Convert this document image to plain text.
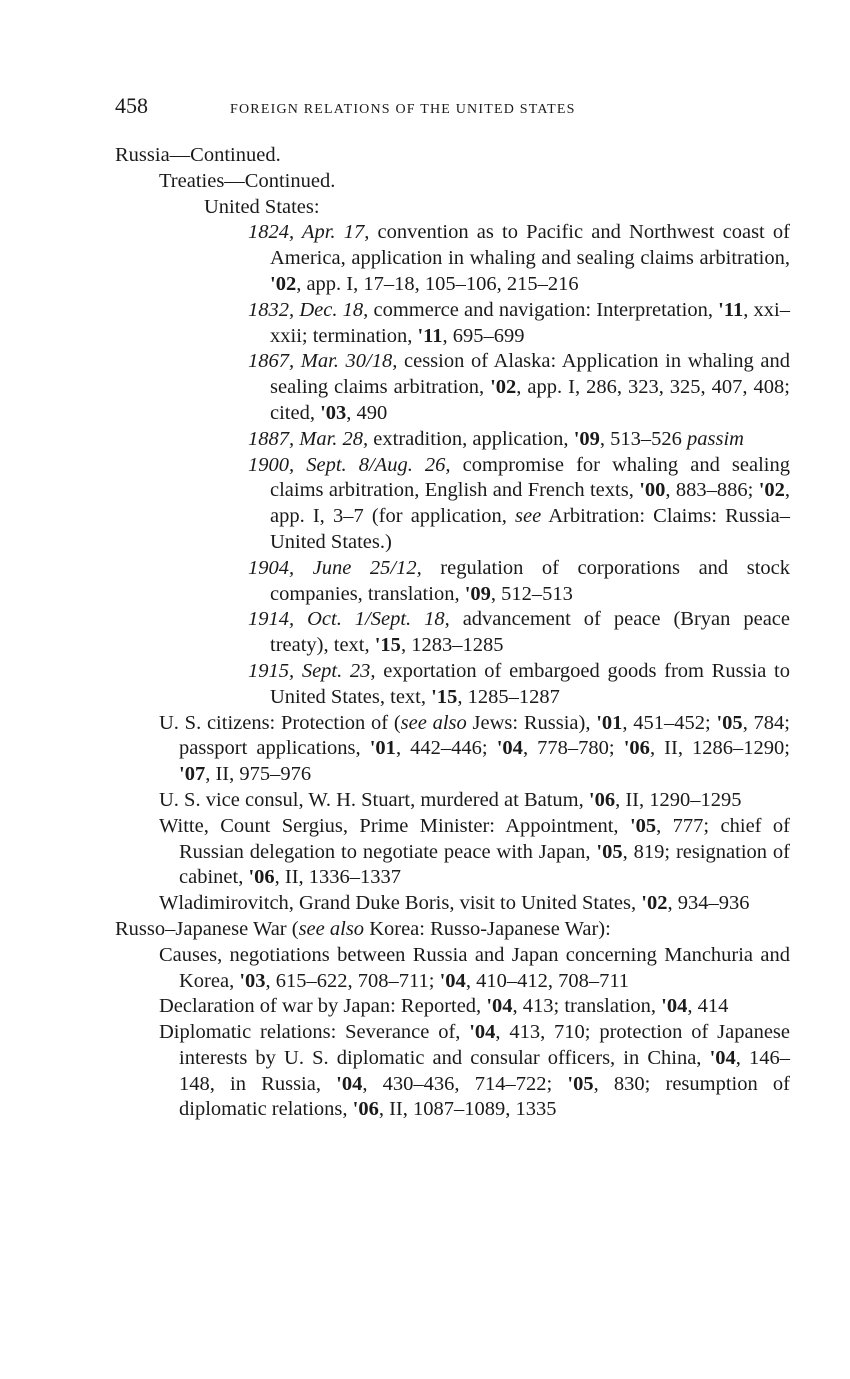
458	FOREIGN RELATIONS OF THE UNITED STATES

Russia—Continued.

Treaties—Continued.

United States:

1824, Apr. 17, convention as to Pacific and Northwest coast of America, application in whaling and sealing claims arbitration, '02, app. I, 17–18, 105–106, 215–216

1832, Dec. 18, commerce and navigation: Interpretation, '11, xxi–xxii; termination, '11, 695–699

1867, Mar. 30/18, cession of Alaska: Application in whaling and sealing claims arbitration, '02, app. I, 286, 323, 325, 407, 408; cited, '03, 490

1887, Mar. 28, extradition, application, '09, 513–526 passim

1900, Sept. 8/Aug. 26, compromise for whaling and sealing claims arbitration, English and French texts, '00, 883–886; '02, app. I, 3–7 (for application, see Arbitration: Claims: Russia–United States.)

1904, June 25/12, regulation of corporations and stock companies, translation, '09, 512–513

1914, Oct. 1/Sept. 18, advancement of peace (Bryan peace treaty), text, '15, 1283–1285

1915, Sept. 23, exportation of embargoed goods from Russia to United States, text, '15, 1285–1287

U. S. citizens: Protection of (see also Jews: Russia), '01, 451–452; '05, 784; passport applications, '01, 442–446; '04, 778–780; '06, II, 1286–1290; '07, II, 975–976

U. S. vice consul, W. H. Stuart, murdered at Batum, '06, II, 1290–1295

Witte, Count Sergius, Prime Minister: Appointment, '05, 777; chief of Russian delegation to negotiate peace with Japan, '05, 819; resignation of cabinet, '06, II, 1336–1337

Wladimirovitch, Grand Duke Boris, visit to United States, '02, 934–936

Russo–Japanese War (see also Korea: Russo-Japanese War):

Causes, negotiations between Russia and Japan concerning Manchuria and Korea, '03, 615–622, 708–711; '04, 410–412, 708–711

Declaration of war by Japan: Reported, '04, 413; translation, '04, 414

Diplomatic relations: Severance of, '04, 413, 710; protection of Japanese interests by U. S. diplomatic and consular officers, in China, '04, 146–148, in Russia, '04, 430–436, 714–722; '05, 830; resumption of diplomatic relations, '06, II, 1087–1089, 1335
